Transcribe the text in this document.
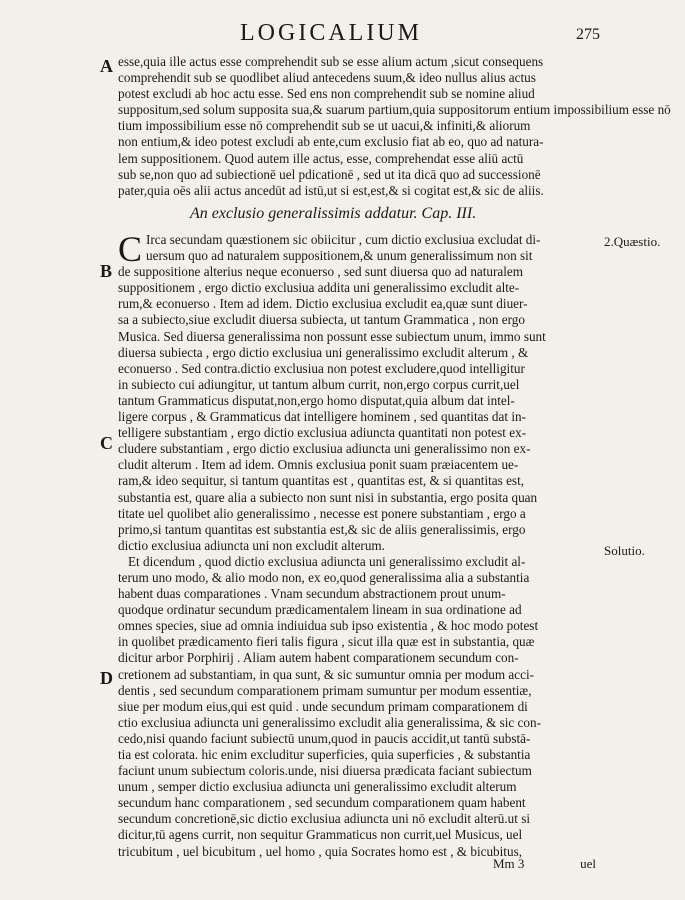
LOGICALIUM	275
A esse,quia ille actus esse comprehendit sub se esse alium actum ,sicut consequens
comprehendit sub se quodlibet aliud antecedens suum,& ideo nullus alius actus
potest excludi ab hoc actu esse. Sed ens non comprehendit sub se nomine aliud
suppositum,sed solum supposita sua,& suarum partium,quia suppositorum entium impossibilium esse nō
tium impossibilium esse nō comprehendit sub se ut uacui,& infiniti,& aliorum
non entium,& ideo potest excludi ab ente,cum exclusio fiat ab eo, quo ad natura-
lem suppositionem. Quod autem ille actus, esse, comprehendat esse aliū actū
sub se,non quo ad subiectionē uel pdicationē , sed ut ita dicā quo ad successionē
pater,quia oēs alii actus ancedūt ad istū,ut si est,est,& si cogitat est,& sic de aliis.
An exclusio generalissimis addatur. Cap. III.
2.Quæstio.
B
C
Solutio.
D
C Irca secundam quæstionem sic obiicitur , cum dictio exclusiua excludat di-
uersum quo ad naturalem suppositionem,& unum generalissimum non sit
de suppositione alterius neque econuerso , sed sunt diuersa quo ad naturalem
suppositionem , ergo dictio exclusiua addita uni generalissimo excludit alte-
rum,& econuerso . Item ad idem. Dictio exclusiua excludit ea,quæ sunt diuer-
sa a subiecto,siue excludit diuersa subiecta, ut tantum Grammatica , non ergo
Musica. Sed diuersa generalissima non possunt esse subiectum unum, immo sunt
diuersa subiecta , ergo dictio exclusiua uni generalissimo excludit alterum , &
econuerso . Sed contra.dictio exclusiua non potest excludere,quod intelligitur
in subiecto cui adiungitur, ut tantum album currit, non,ergo corpus currit,uel
tantum Grammaticus disputat,non,ergo homo disputat,quia album dat intel-
ligere corpus , & Grammaticus dat intelligere hominem , sed quantitas dat in-
telligere substantiam , ergo dictio exclusiua adiuncta quantitati non potest ex-
cludere substantiam , ergo dictio exclusiua adiuncta uni generalissimo non ex-
cludit alterum . Item ad idem. Omnis exclusiua ponit suam præiacentem ue-
ram,& ideo sequitur, si tantum quantitas est , quantitas est, & si quantitas est,
substantia est, quare alia a subiecto non sunt nisi in substantia, ergo posita quan
titate uel quolibet alio generalissimo , necesse est ponere substantiam , ergo a
primo,si tantum quantitas est substantia est,& sic de aliis generalissimis, ergo
dictio exclusiua adiuncta uni non excludit alterum.
Et dicendum , quod dictio exclusiua adiuncta uni generalissimo excludit al-
terum uno modo, & alio modo non, ex eo,quod generalissima alia a substantia
habent duas comparationes . Vnam secundum abstractionem prout unum-
quodque ordinatur secundum prædicamentalem lineam in sua ordinatione ad
omnes species, siue ad omnia indiuidua sub ipso existentia , & hoc modo potest
in quolibet prædicamento fieri talis figura , sicut illa quæ est in substantia, quæ
dicitur arbor Porphirij . Aliam autem habent comparationem secundum con-
cretionem ad substantiam, in qua sunt, & sic sumuntur omnia per modum acci-
dentis , sed secundum comparationem primam sumuntur per modum essentiæ,
siue per modum eius,qui est quid . unde secundum primam comparationem di
ctio exclusiua adiuncta uni generalissimo excludit alia generalissima, & sic con-
cedo,nisi quando faciunt subiectū unum,quod in paucis accidit,ut tantū substā-
tia est colorata. hic enim excluditur superficies, quia superficies , & substantia
faciunt unum subiectum coloris.unde, nisi diuersa prædicata faciant subiectum
unum , semper dictio exclusiua adiuncta uni generalissimo excludit alterum
secundum hanc comparationem , sed secundum comparationem quam habent
secundum concretionē,sic dictio exclusiua adiuncta uni nō excludit alterū.ut si
dicitur,tū agens currit, non sequitur Grammaticus non currit,uel Musicus, uel
tricubitum , uel bicubitum , uel homo , quia Socrates homo est , & bicubitus,
Mm 3	uel
